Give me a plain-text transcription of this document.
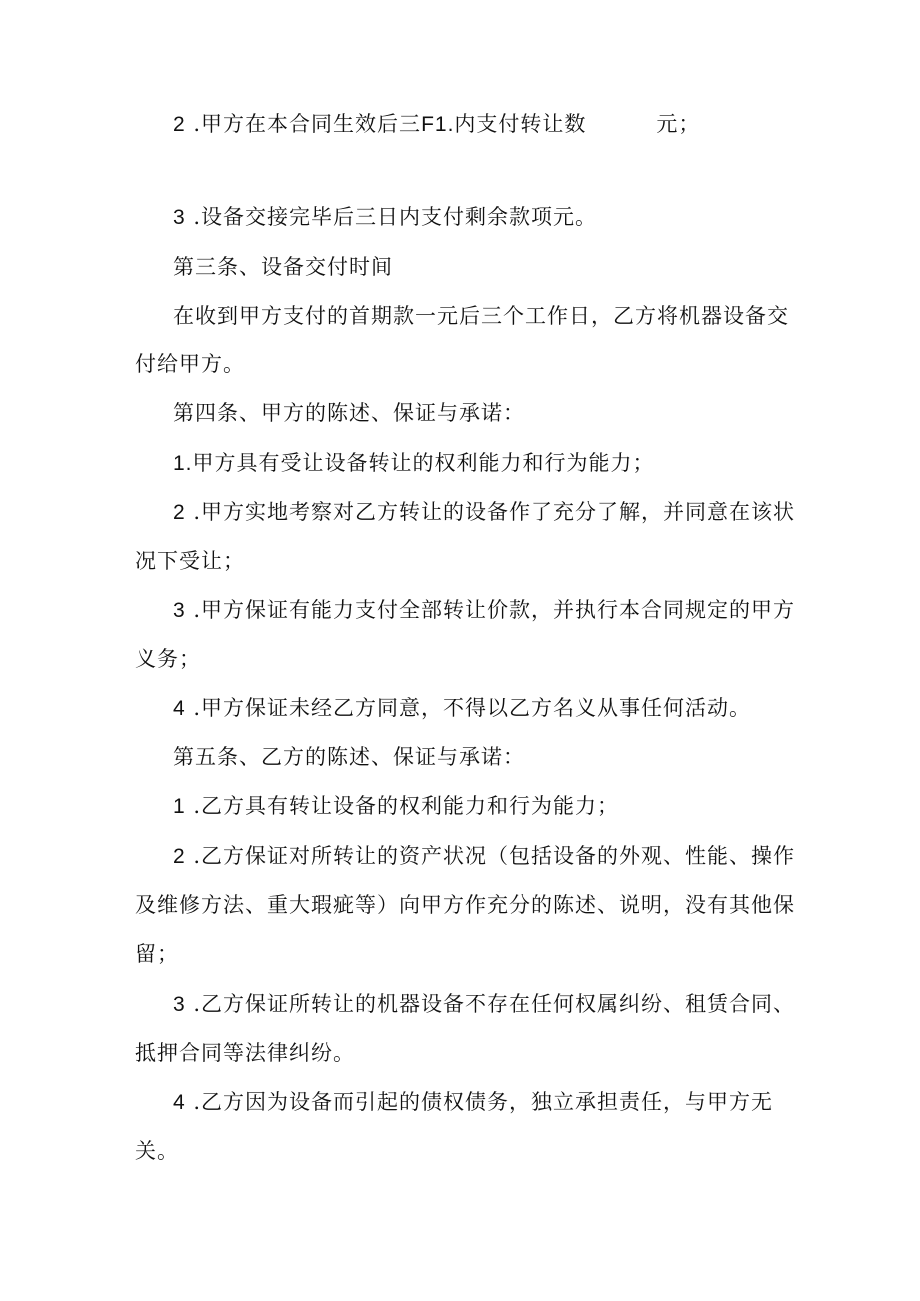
2 .甲方在本合同生效后三F1.内支付转让数	元；
3 .设备交接完毕后三日内支付剩余款项元。
第三条、设备交付时间
在收到甲方支付的首期款一元后三个工作日，乙方将机器设备交
付给甲方。
第四条、甲方的陈述、保证与承诺：
1.甲方具有受让设备转让的权利能力和行为能力；
2 .甲方实地考察对乙方转让的设备作了充分了解，并同意在该状
况下受让；
3 .甲方保证有能力支付全部转让价款，并执行本合同规定的甲方
义务；
4 .甲方保证未经乙方同意，不得以乙方名义从事任何活动。
第五条、乙方的陈述、保证与承诺：
1 .乙方具有转让设备的权利能力和行为能力；
2 .乙方保证对所转让的资产状况（包括设备的外观、性能、操作
及维修方法、重大瑕疵等）向甲方作充分的陈述、说明，没有其他保
留；
3 .乙方保证所转让的机器设备不存在任何权属纠纷、租赁合同、
抵押合同等法律纠纷。
4 .乙方因为设备而引起的债权债务，独立承担责任，与甲方无
关。
